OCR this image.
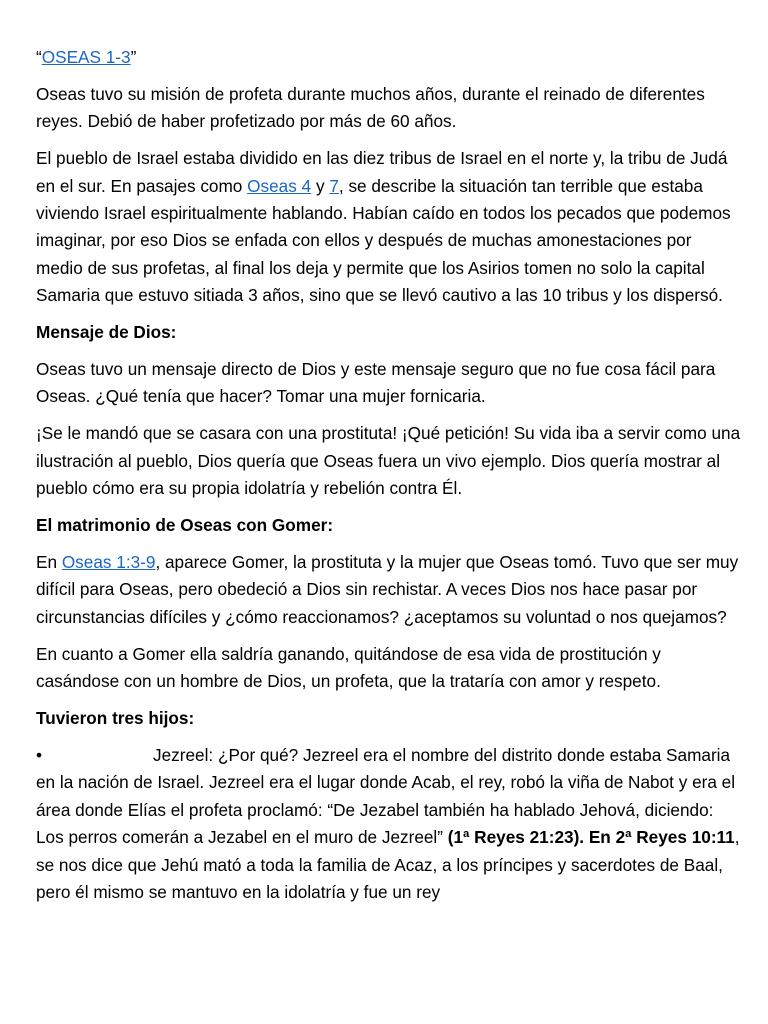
“OSEAS 1-3”

Oseas tuvo su misión de profeta durante muchos años, durante el reinado de diferentes reyes. Debió de haber profetizado por más de 60 años.

El pueblo de Israel estaba dividido en las diez tribus de Israel en el norte y, la tribu de Judá en el sur. En pasajes como Oseas 4 y 7, se describe la situación tan terrible que estaba viviendo Israel espiritualmente hablando. Habían caído en todos los pecados que podemos imaginar, por eso Dios se enfada con ellos y después de muchas amonestaciones por
medio de sus profetas, al final los deja y permite que los Asirios tomen no solo la capital Samaria que estuvo sitiada 3 años, sino que se llevó cautivo a las 10 tribus y los dispersó.

Mensaje de Dios:

Oseas tuvo un mensaje directo de Dios y este mensaje seguro que no fue cosa fácil para Oseas. ¿Qué tenía que hacer? Tomar una mujer fornicaria.

¡Se le mandó que se casara con una prostituta! ¡Qué petición! Su vida iba a servir como una ilustración al pueblo, Dios quería que Oseas fuera un vivo ejemplo. Dios quería mostrar al pueblo cómo era su propia idolatría y rebelión contra Él.

El matrimonio de Oseas con Gomer:

En Oseas 1:3-9, aparece Gomer, la prostituta y la mujer que Oseas tomó. Tuvo que ser muy difícil para Oseas, pero obedeció a Dios sin rechistar. A veces Dios nos hace pasar por circunstancias difíciles y ¿cómo reaccionamos? ¿aceptamos su voluntad o nos quejamos?

En cuanto a Gomer ella saldría ganando, quitándose de esa vida de prostitución y casándose con un hombre de Dios, un profeta, que la trataría con amor y respeto.

Tuvieron tres hijos:

•	Jezreel: ¿Por qué? Jezreel era el nombre del distrito donde estaba Samaria en la nación de Israel. Jezreel era el lugar donde Acab, el rey, robó la viña de Nabot y era el área donde Elías el profeta proclamó: “De Jezabel también ha hablado Jehová, diciendo: Los perros comerán a Jezabel en el muro de Jezreel” (1ª Reyes 21:23). En 2ª Reyes 10:11, se nos dice que Jehú mató a toda la familia de Acaz, a los príncipes y sacerdotes de Baal, pero él mismo se mantuvo en la idolatría y fue un rey
